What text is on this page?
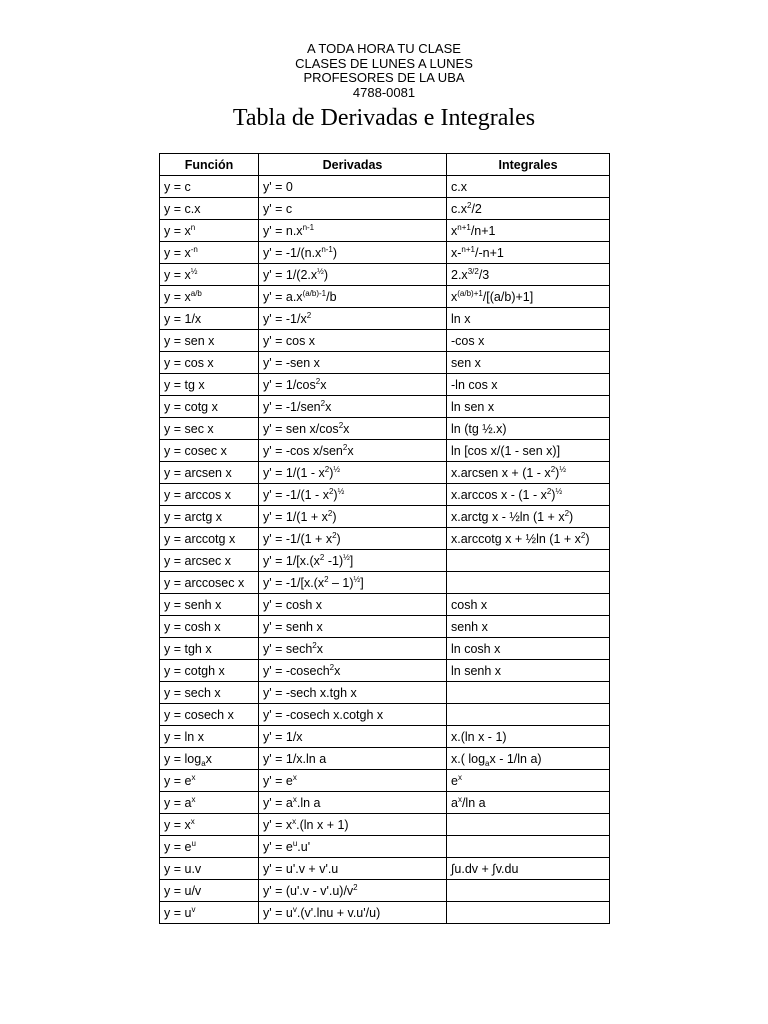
A TODA HORA TU CLASE
CLASES DE LUNES A LUNES
PROFESORES DE LA UBA
4788-0081
Tabla de Derivadas e Integrales
Función	Derivadas	Integrales
y = c	y' = 0	c.x
y = c.x	y' = c	$c.x^2/2$
$y = x^n$	$y' = n.x^{n-1}$	$x^{n+1}/n+1$
$y = x^{-n}$	$y' = -1/(n.x^{n-1})$	x-$^{n+1}$/-n+1
$y = x^{\frac{1}{2}}$	$y' = 1/(2.x^{\frac{1}{2}})$	$2.x^{3/2}/3$
$y = x^{a/b}$	$y' = a.x^{(a/b)-1}/b$	$x^{(a/b)+1}/[(a/b)+1]$
y = 1/x	$y' = -1/x^2$	ln x
y = sen x	y' = cos x	-cos x
y = cos x	y' = -sen x	sen x
y = tg x	$y' = 1/\cos^2x$	-ln cos x
y = cotg x	y' = -1/sen$^2$x	ln sen x
y = sec x	y' = sen $x/\cos^2x$	ln (tg ½.x)
y = cosec x	y' = -cos x/sen$^2$x	ln [cos x/(1 - sen x)]
y = arcsen x	$y' = 1/(1 - x^2)^{\frac{1}{2}}$	x.arcsen $x + (1 - x^2)^{\frac{1}{2}}$
y = arccos x	$y' = -1/(1 - x^2)^{\frac{1}{2}}$	x.arccos x - $(1 - x^2)^{\frac{1}{2}}$
y = arctg x	$y' = 1/(1 + x^2)$	x.arctg x - ½ln $(1 + x^2)$
y = arccotg x	$y' = -1/(1 + x^2)$	x.arccotg x + ½ln $(1 + x^2)$
y = arcsec x	$y' = 1/[x.(x^2$ -1)$^{\frac{1}{2}}$]	
y = arccosec x	$y' = -1/[x.(x^2 - 1)^{\frac{1}{2}}]$	
y = senh x	y' = cosh x	cosh x
y = cosh x	y' = senh x	senh x
y = tgh x	y' = sech$^2$x	ln cosh x
y = cotgh x	y' = -cosech$^2$x	ln senh x
y = sech x	y' = -sech x.tgh x	
y = cosech x	y' = -cosech x.cotgh x	
y = ln x	y' = 1/x	x.(ln x - 1)
$y = \log_ax$	y' = 1/x.ln a	x.( $\log_ax - 1/\ln$ a)
$y = e^x$	$y' = e^x$	$e^x$
$y = a^x$	$y' = a^x.\ln$ a	$a^x/\ln$ a
$y = x^x$	$y' = x^x.(\ln$ x + 1)	
$y = e^u$	$y' = e^u.u'$	
y = u.v	y' = u'.v + v'.u	∫u.dv + ∫v.du
y = u/v	$y' = (u'.v - v'.u)/v^2$	
$y = u^v$	$y' = u^v.(v'.\ln u + v.u'/u)$	
